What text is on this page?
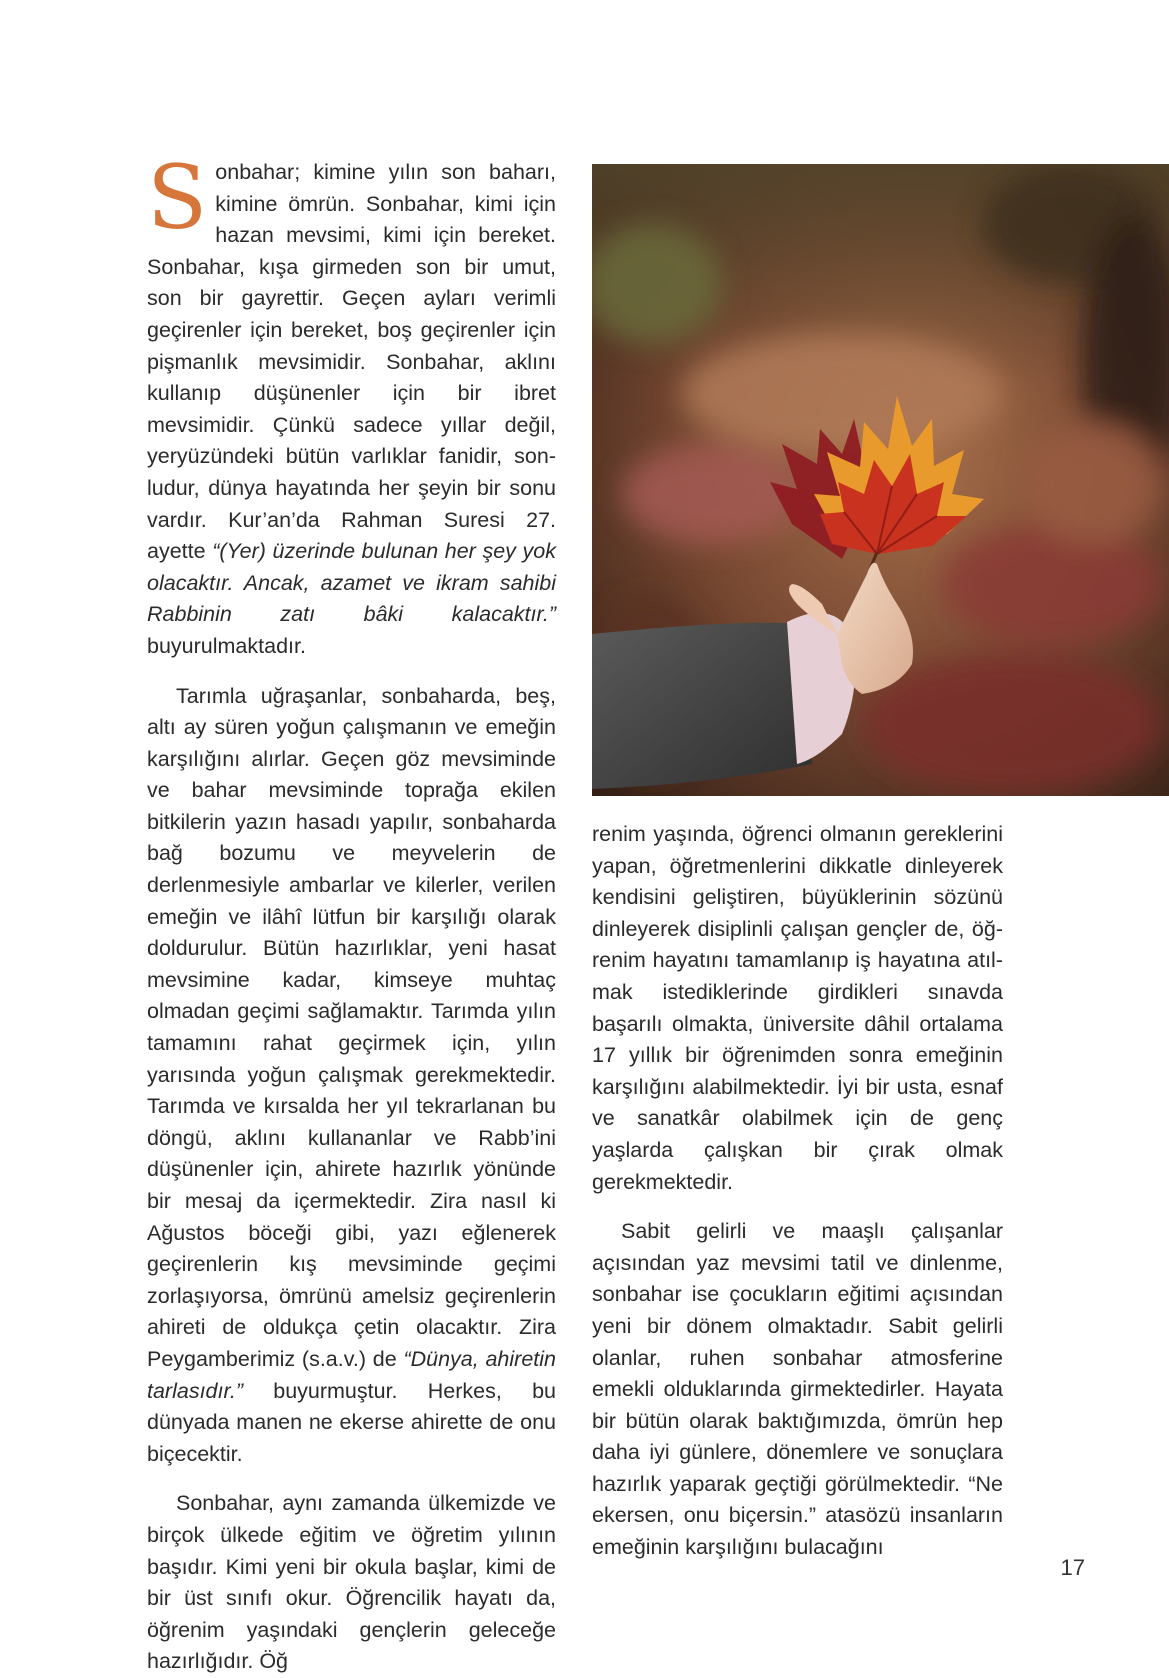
Sonbahar; kimine yılın son baharı, kimine ömrün. Sonbahar, kimi için hazan mevsimi, kimi için bereket. Sonbahar, kışa girmeden son bir umut, son bir gayrettir. Geçen ayları verimli geçirenler için bereket, boş geçirenler için pişmanlık mevsimidir. Sonbahar, aklını kullanıp düşünenler için bir ibret mevsimidir. Çünkü sadece yıllar değil, yeryüzündeki bütün varlıklar fanidir, sonludur, dünya hayatında her şeyin bir sonu vardır. Kur’an’da Rahman Suresi 27. ayette “(Yer) üzerinde bulunan her şey yok olacaktır. Ancak, azamet ve ikram sahibi Rabbinin zatı bâki kalacaktır.” buyurulmaktadır.

Tarımla uğraşanlar, sonbaharda, beş, altı ay süren yoğun çalışmanın ve emeğin karşılığını alırlar. Geçen göz mevsiminde ve bahar mevsiminde toprağa ekilen bitkilerin yazın hasadı yapılır, sonbaharda bağ bozumu ve meyvelerin de derlenmesiyle ambarlar ve kilerler, verilen emeğin ve ilâhî lütfun bir karşılığı olarak doldurulur. Bütün hazırlıklar, yeni hasat mevsimine kadar, kimseye muhtaç olmadan geçimi sağlamaktır. Tarımda yılın tamamını rahat geçirmek için, yılın yarısında yoğun çalışmak gerekmektedir. Tarımda ve kırsalda her yıl tekrarlanan bu döngü, aklını kullananlar ve Rabb’ini düşünenler için, ahirete hazırlık yönünde bir mesaj da içermektedir. Zira nasıl ki Ağustos böceği gibi, yazı eğlenerek geçirenlerin kış mevsiminde geçimi zorlaşıyorsa, ömrünü amelsiz geçirenlerin ahireti de oldukça çetin olacaktır. Zira Peygamberimiz (s.a.v.) de “Dünya, ahiretin tarlasıdır.” buyurmuştur. Herkes, bu dünyada manen ne ekerse ahirette de onu biçecektir.

Sonbahar, aynı zamanda ülkemizde ve birçok ülkede eğitim ve öğretim yılının başıdır. Kimi yeni bir okula başlar, kimi de bir üst sınıfı okur. Öğrencilik hayatı da, öğrenim yaşındaki gençlerin geleceğe hazırlığıdır. Öğ

renim yaşında, öğrenci olmanın gereklerini yapan, öğretmenlerini dikkatle dinleyerek kendisini geliştiren, büyüklerinin sözünü dinleyerek disiplinli çalışan gençler de, öğrenim hayatını tamamlanıp iş hayatına atılmak istediklerinde girdikleri sınavda başarılı olmakta, üniversite dâhil ortalama 17 yıllık bir öğrenimden sonra emeğinin karşılığını alabilmektedir. İyi bir usta, esnaf ve sanatkâr olabilmek için de genç yaşlarda çalışkan bir çırak olmak gerekmektedir.

Sabit gelirli ve maaşlı çalışanlar açısından yaz mevsimi tatil ve dinlenme, sonbahar ise çocukların eğitimi açısından yeni bir dönem olmaktadır. Sabit gelirli olanlar, ruhen sonbahar atmosferine emekli olduklarında girmektedirler. Hayata bir bütün olarak baktığımızda, ömrün hep daha iyi günlere, dönemlere ve sonuçlara hazırlık yaparak geçtiği görülmektedir. “Ne ekersen, onu biçersin.” atasözü insanların emeğinin karşılığını bulacağını

17
